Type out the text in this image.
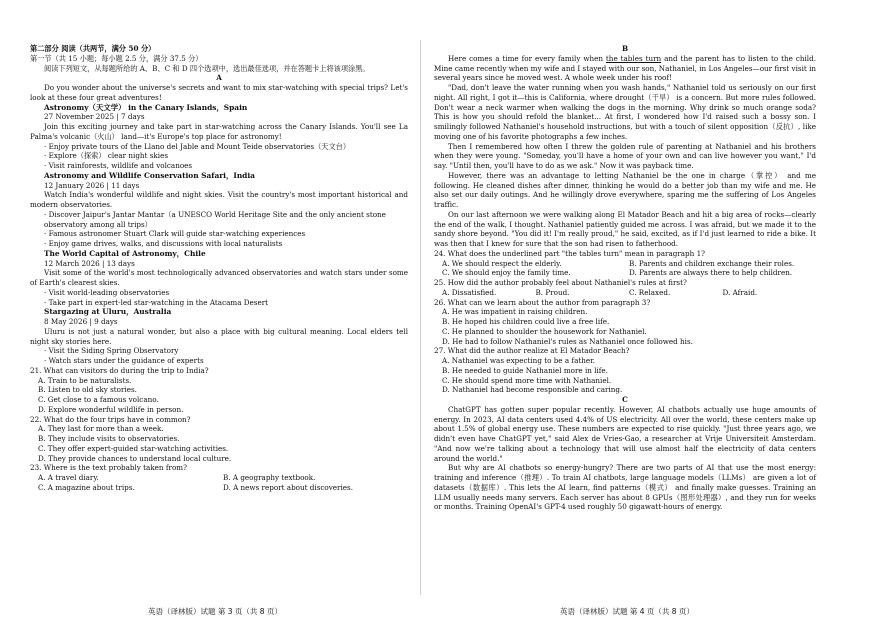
第二部分 阅读（共两节，满分 50 分）

第一节（共 15 小题；每小题 2.5 分，满分 37.5 分）

阅读下列短文，从每题所给的 A、B、C 和 D 四个选项中，选出最佳选项，并在答题卡上将该项涂黑。

A

Do you wonder about the universe's secrets and want to mix star-watching with special trips? Let's look at these four great adventures!

Astronomy（天文学） in the Canary Islands，Spain

27 November 2025 | 7 days

Join this exciting journey and take part in star-watching across the Canary Islands. You'll see La Palma's volcanic（火山） land—it's Europe's top place for astronomy!

· Enjoy private tours of the Llano del Jable and Mount Teide observatories（天文台）

· Explore（探索） clear night skies

· Visit rainforests, wildlife and volcanoes

Astronomy and Wildlife Conservation Safari，India

12 January 2026 | 11 days

Watch India's wonderful wildlife and night skies. Visit the country's most important historical and modern observatories.

· Discover Jaipur's Jantar Mantar（a UNESCO World Heritage Site and the only ancient stone observatory among all trips）

· Famous astronomer Stuart Clark will guide star-watching experiences

· Enjoy game drives, walks, and discussions with local naturalists

The World Capital of Astronomy，Chile

12 March 2026 | 13 days

Visit some of the world's most technologically advanced observatories and watch stars under some of Earth's clearest skies.

· Visit world-leading observatories

· Take part in expert-led star-watching in the Atacama Desert

Stargazing at Uluru，Australia

8 May 2026 | 9 days

Uluru is not just a natural wonder, but also a place with big cultural meaning. Local elders tell night sky stories here.

· Visit the Siding Spring Observatory

· Watch stars under the guidance of experts

21. What can visitors do during the trip to India?

A. Train to be naturalists.

B. Listen to old sky stories.

C. Get close to a famous volcano.

D. Explore wonderful wildlife in person.

22. What do the four trips have in common?

A. They last for more than a week.

B. They include visits to observatories.

C. They offer expert-guided star-watching activities.

D. They provide chances to understand local culture.

23. Where is the text probably taken from?

A. A travel diary.	B. A geography textbook.
C. A magazine about trips.	D. A news report about discoveries.

B

Here comes a time for every family when the tables turn and the parent has to listen to the child. Mine came recently when my wife and I stayed with our son, Nathaniel, in Los Angeles—our first visit in several years since he moved west. A whole week under his roof!

"Dad, don't leave the water running when you wash hands," Nathaniel told us seriously on our first night. All right, I got it—this is California, where drought（干旱） is a concern. But more rules followed. Don't wear a neck warmer when walking the dogs in the morning. Why drink so much orange soda? This is how you should refold the blanket... At first, I wondered how I'd raised such a bossy son. I smilingly followed Nathaniel's household instructions, but with a touch of silent opposition（反抗）, like moving one of his favorite photographs a few inches.

Then I remembered how often I threw the golden rule of parenting at Nathaniel and his brothers when they were young. "Someday, you'll have a home of your own and can live however you want," I'd say. "Until then, you'll have to do as we ask." Now it was payback time.

However, there was an advantage to letting Nathaniel be the one in charge（掌控） and me following. He cleaned dishes after dinner, thinking he would do a better job than my wife and me. He also set our daily outings. And he willingly drove everywhere, sparing me the suffering of Los Angeles traffic.

On our last afternoon we were walking along El Matador Beach and hit a big area of rocks—clearly the end of the walk, I thought. Nathaniel patiently guided me across. I was afraid, but we made it to the sandy shore beyond. "You did it! I'm really proud," he said, excited, as if I'd just learned to ride a bike. It was then that I knew for sure that the son had risen to fatherhood.

24. What does the underlined part "the tables turn" mean in paragraph 1?

A. We should respect the elderly.	B. Parents and children exchange their roles.
C. We should enjoy the family time.	D. Parents are always there to help children.

25. How did the author probably feel about Nathaniel's rules at first?

A. Dissatisfied.	B. Proud.	C. Relaxed.	D. Afraid.

26. What can we learn about the author from paragraph 3?

A. He was impatient in raising children.

B. He hoped his children could live a free life.

C. He planned to shoulder the housework for Nathaniel.

D. He had to follow Nathaniel's rules as Nathaniel once followed his.

27. What did the author realize at El Matador Beach?

A. Nathaniel was expecting to be a father.

B. He needed to guide Nathaniel more in life.

C. He should spend more time with Nathaniel.

D. Nathaniel had become responsible and caring.

C

ChatGPT has gotten super popular recently. However, AI chatbots actually use huge amounts of energy. In 2023, AI data centers used 4.4% of US electricity. All over the world, these centers make up about 1.5% of global energy use. These numbers are expected to rise quickly. "Just three years ago, we didn't even have ChatGPT yet," said Alex de Vries-Gao, a researcher at Vrije Universiteit Amsterdam. "And now we're talking about a technology that will use almost half the electricity of data centers around the world."

But why are AI chatbots so energy-hungry? There are two parts of AI that use the most energy: training and inference（推理）. To train AI chatbots, large language models（LLMs） are given a lot of datasets（数据库）. This lets the AI learn, find patterns（模式） and finally make guesses. Training an LLM usually needs many servers. Each server has about 8 GPUs（图形处理器）, and they run for weeks or months. Training OpenAI's GPT-4 used roughly 50 gigawatt-hours of energy.

英语（译林版）试题 第 3 页（共 8 页）	英语（译林版）试题 第 4 页（共 8 页）
